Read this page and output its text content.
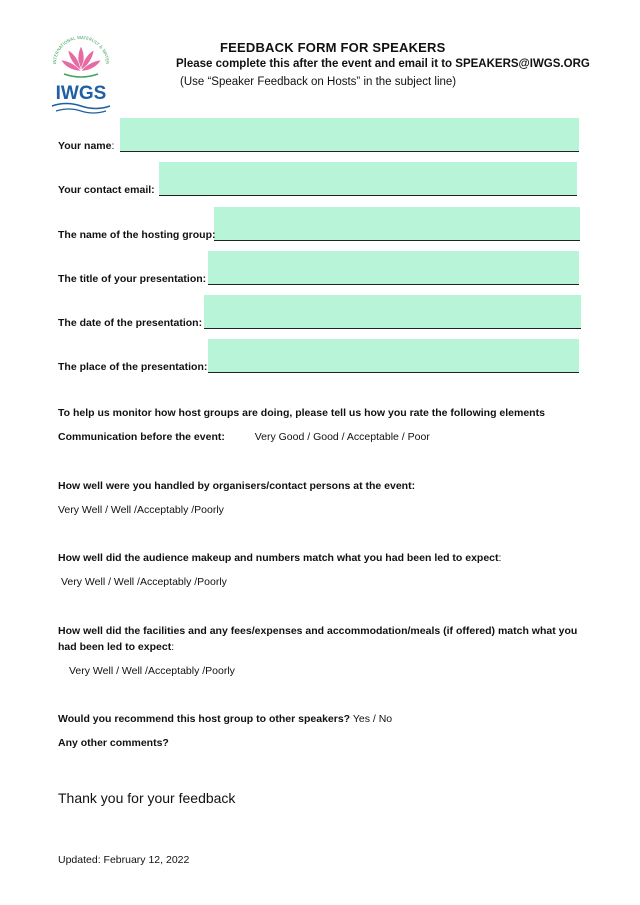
INTERNATIONAL WATERLILY & WATER
IWGS
FEEDBACK FORM FOR SPEAKERS
Please complete this after the event and email it to SPEAKERS@IWGS.ORG
(Use “Speaker Feedback on Hosts” in the subject line)
Your name:
Your contact email:
The name of the hosting group:
The title of your presentation:
The date of the presentation:
The place of the presentation:
To help us monitor how host groups are doing, please tell us how you rate the following elements
Communication before the event:	Very Good / Good / Acceptable / Poor
How well were you handled by organisers/contact persons at the event:
Very Well / Well /Acceptably /Poorly
How well did the audience makeup and numbers match what you had been led to expect:
Very Well / Well /Acceptably /Poorly
How well did the facilities and any fees/expenses and accommodation/meals (if offered) match what you
had been led to expect:
Very Well / Well /Acceptably /Poorly
Would you recommend this host group to other speakers? Yes / No
Any other comments?
Thank you for your feedback
Updated: February 12, 2022
